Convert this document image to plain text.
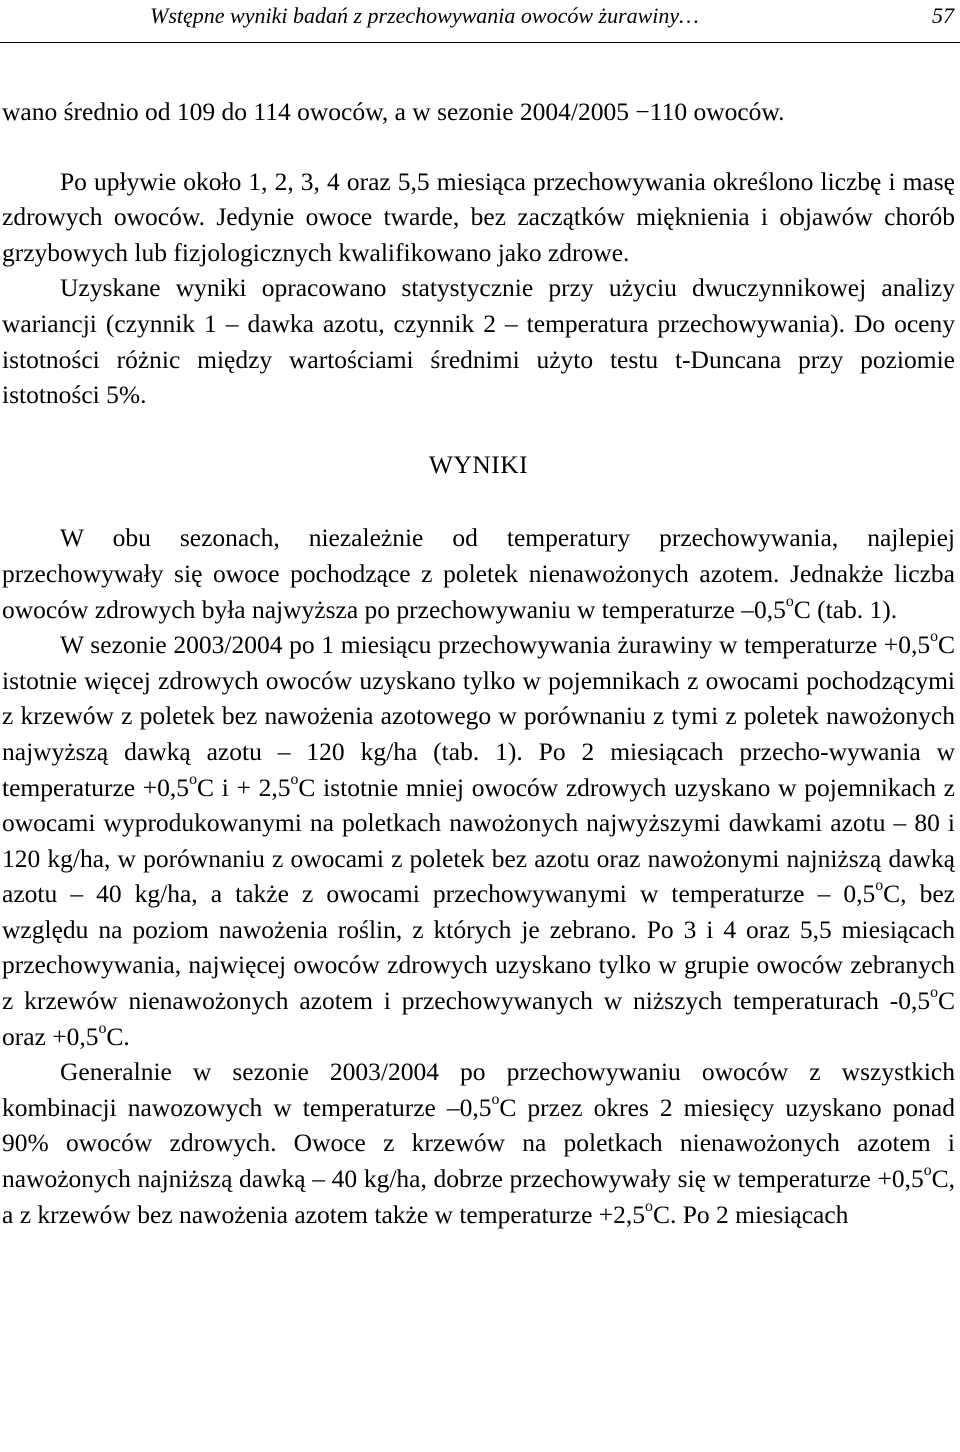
Wstępne wyniki badań z przechowywania owoców żurawiny…	57

wano średnio od 109 do 114 owoców, a w sezonie 2004/2005 −110 owoców.

Po upływie około 1, 2, 3, 4 oraz 5,5 miesiąca przechowywania określono liczbę i masę zdrowych owoców. Jedynie owoce twarde, bez zaczątków mięknienia i objawów chorób grzybowych lub fizjologicznych kwalifikowano jako zdrowe.

Uzyskane wyniki opracowano statystycznie przy użyciu dwuczynnikowej analizy wariancji (czynnik 1 – dawka azotu, czynnik 2 – temperatura przechowywania). Do oceny istotności różnic między wartościami średnimi użyto testu t-Duncana przy poziomie istotności 5%.

WYNIKI

W obu sezonach, niezależnie od temperatury przechowywania, najlepiej przechowywały się owoce pochodzące z poletek nienawożonych azotem. Jednakże liczba owoców zdrowych była najwyższa po przechowywaniu w temperaturze –0,5$^o$C (tab. 1).

W sezonie 2003/2004 po 1 miesiącu przechowywania żurawiny w temperaturze $+0,5^oC$ istotnie więcej zdrowych owoców uzyskano tylko w pojemnikach z owocami pochodzącymi z krzewów z poletek bez nawożenia azotowego w porównaniu z tymi z poletek nawożonych najwyższą dawką azotu – 120 kg/ha (tab. 1). Po 2 miesiącach przecho-wywania w temperaturze $+0,5^oC$ $i + 2,5^oC$ istotnie mniej owoców zdrowych uzyskano w pojemnikach z owocami wyprodukowanymi na poletkach nawożonych najwyższymi dawkami azotu – 80 i 120 kg/ha, w porównaniu z owocami z poletek bez azotu oraz nawożonymi najniższą dawką azotu – 40 kg/ha, a także z owocami przechowywanymi w temperaturze – 0,5$^o$C, bez względu na poziom nawożenia roślin, z których je zebrano. Po 3 i 4 oraz 5,5 miesiącach przechowywania, najwięcej owoców zdrowych uzyskano tylko w grupie owoców zebranych z krzewów nienawożonych azotem i przechowywanych w niższych temperaturach -0,5$^o$C oraz $+0,5^oC$.

Generalnie w sezonie 2003/2004 po przechowywaniu owoców z wszystkich kombinacji nawozowych w temperaturze –0,5$^o$C przez okres 2 miesięcy uzyskano ponad 90% owoców zdrowych. Owoce z krzewów na poletkach nienawożonych azotem i nawożonych najniższą dawką – 40 kg/ha, dobrze przechowywały się w temperaturze $+0,5^oC$, a z krzewów bez nawożenia azotem także w temperaturze $+2,5^oC$. Po 2 miesiącach
